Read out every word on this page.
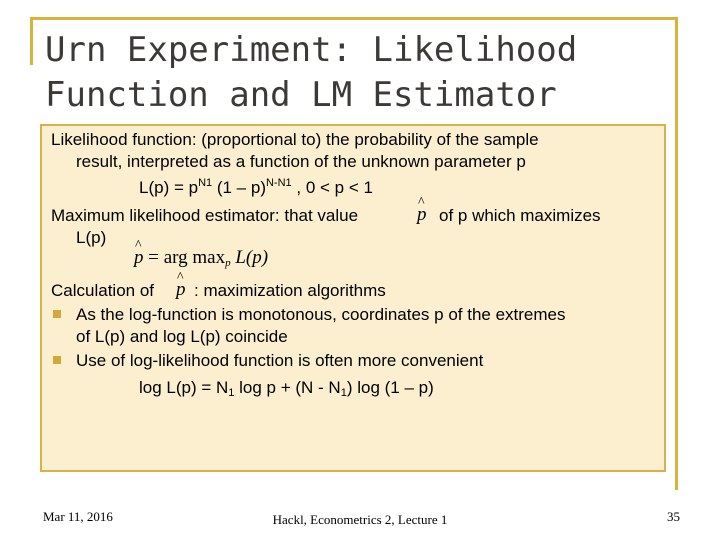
Urn Experiment: Likelihood
Function and LM Estimator
Likelihood function: (proportional to) the probability of the sample
result, interpreted as a function of the unknown parameter p
$L(p) = p^{N1}$ (1 – p)$^{N-N1}$ , 0 < p < 1
Maximum likelihood estimator: that value	^ p of p which maximizes
L(p)
^ p = arg $\max_p L(p)$
Calculation of ^ p : maximization algorithms
As the log-function is monotonous, coordinates p of the extremes
of L(p) and log L(p) coincide
Use of log-likelihood function is often more convenient
$\log L(p) = N_1$ $\log p + (N - N_1)$ log (1 – p)
Mar 11, 2016	Hackl, Econometrics 2, Lecture 1	35
